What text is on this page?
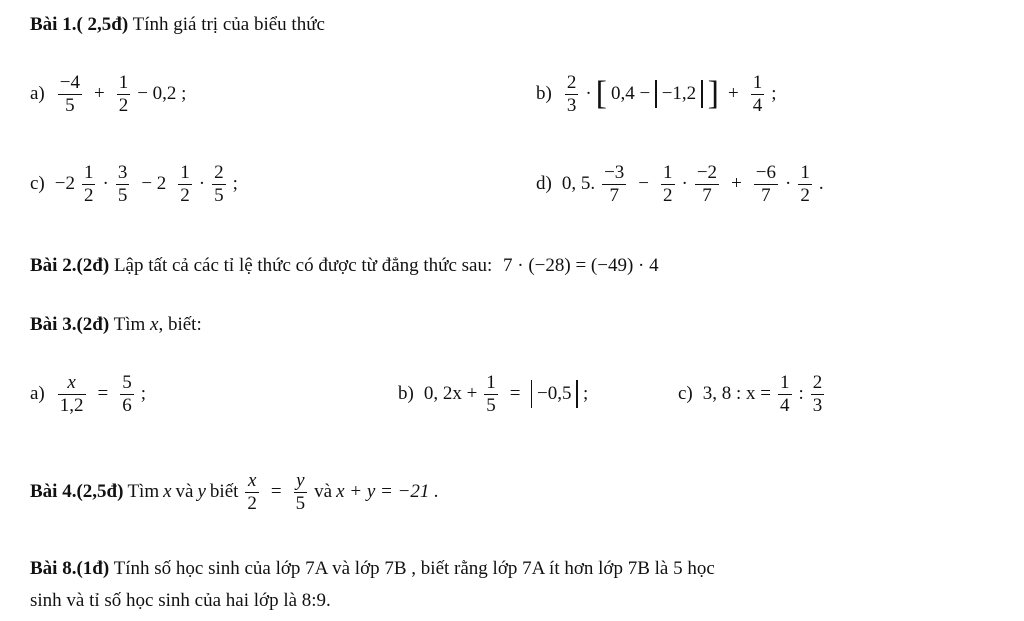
Bài 1.( 2,5đ) Tính giá trị của biểu thức
$a) \frac{-4}{5} + \frac{1}{2} - 0,2$ ;	$b) \frac{2}{3}$ · [ 0,4 − −1,2 ] + $\frac{1}{4}$ ;
$c) -2 \frac{1}{2} \cdot \frac{3}{5} - 2 \frac{1}{2} \cdot \frac{2}{5}$ ;	d) 0, 5. $\frac{-3}{7} - \frac{1}{2} \cdot \frac{-2}{7} + \frac{-6}{7} \cdot \frac{1}{2}$ .
Bài 2.(2đ) Lập tất cả các tỉ lệ thức có được từ đẳng thức sau: 7 · (−28) = (−49) · 4
Bài 3.(2đ) Tìm x, biết:
$a) \frac{x}{1,2} = \frac{5}{6}$ ;	b) 0, $2x + \frac{1}{5} = -0,5$ ;	c) 3, 8 : $x = \frac{1}{4}$ : $\frac{2}{3}$
Bài 4.(2,5đ) Tìm x và y biết $\frac{x}{2} = \frac{y}{5}$ và x + y = −21 .
Bài 8.(1đ) Tính số học sinh của lớp 7A và lớp 7B , biết rằng lớp 7A ít hơn lớp 7B là 5 học
sinh và tỉ số học sinh của hai lớp là 8:9.
